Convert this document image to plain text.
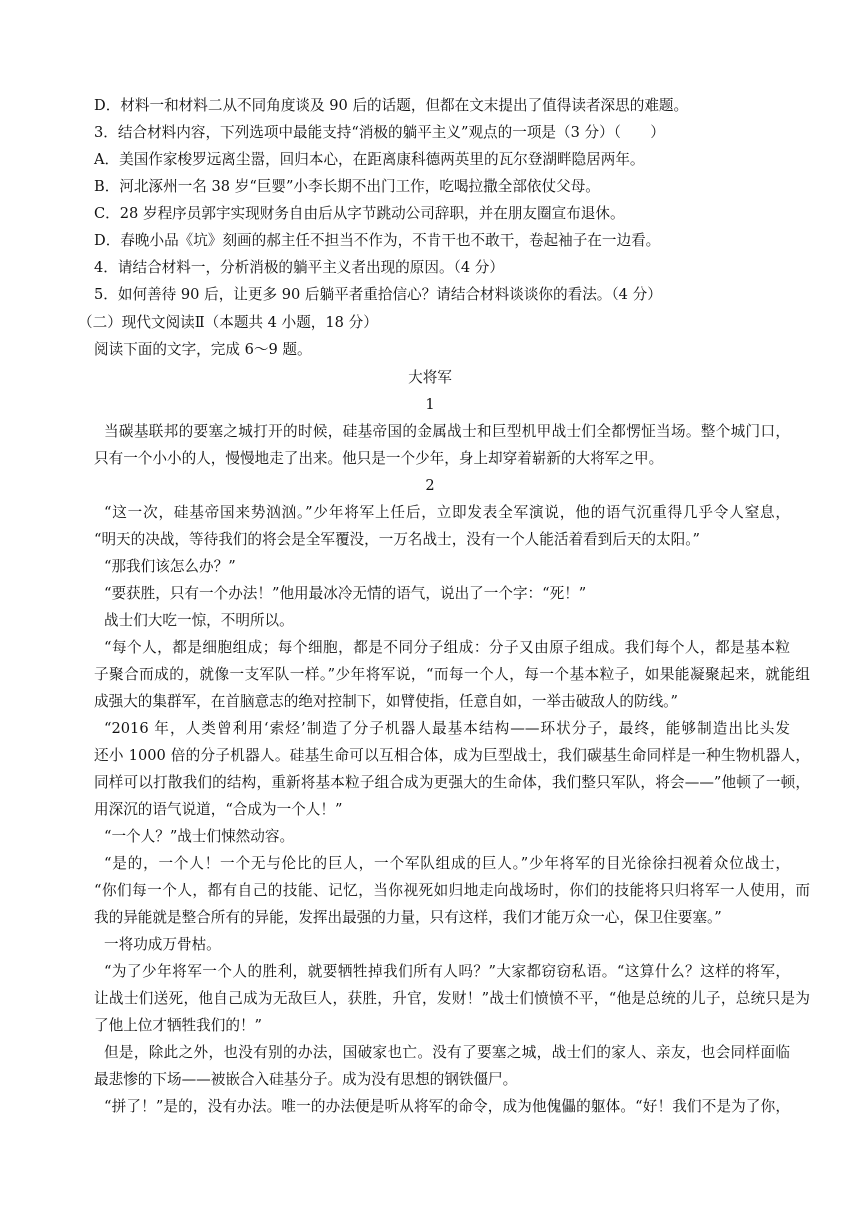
D．材料一和材料二从不同角度谈及 90 后的话题，但都在文末提出了值得读者深思的难题。
3．结合材料内容，下列选项中最能支持“消极的躺平主义”观点的一项是（3 分）（　　）
A．美国作家梭罗远离尘嚣，回归本心，在距离康科德两英里的瓦尔登湖畔隐居两年。
B．河北涿州一名 38 岁“巨婴”小李长期不出门工作，吃喝拉撒全部依仗父母。
C．28 岁程序员郭宇实现财务自由后从字节跳动公司辞职，并在朋友圈宣布退休。
D．春晚小品《坑》刻画的郝主任不担当不作为，不肯干也不敢干，卷起袖子在一边看。
4．请结合材料一，分析消极的躺平主义者出现的原因。（4 分）
5．如何善待 90 后，让更多 90 后躺平者重拾信心？请结合材料谈谈你的看法。（4 分）
（二）现代文阅读Ⅱ（本题共 4 小题，18 分）
阅读下面的文字，完成 6～9 题。
大将军
1
当碳基联邦的要塞之城打开的时候，硅基帝国的金属战士和巨型机甲战士们全都愣怔当场。整个城门口，
只有一个小小的人，慢慢地走了出来。他只是一个少年，身上却穿着崭新的大将军之甲。
2
“这一次，硅基帝国来势汹汹。”少年将军上任后，立即发表全军演说，他的语气沉重得几乎令人窒息，
“明天的决战，等待我们的将会是全军覆没，一万名战士，没有一个人能活着看到后天的太阳。”
“那我们该怎么办？”
“要获胜，只有一个办法！”他用最冰冷无情的语气，说出了一个字：“死！”
战士们大吃一惊，不明所以。
“每个人，都是细胞组成；每个细胞，都是不同分子组成：分子又由原子组成。我们每个人，都是基本粒
子聚合而成的，就像一支军队一样。”少年将军说，“而每一个人，每一个基本粒子，如果能凝聚起来，就能组
成强大的集群军，在首脑意志的绝对控制下，如臂使指，任意自如，一举击破敌人的防线。”
“2016 年，人类曾利用‘索烃’制造了分子机器人最基本结构——环状分子，最终，能够制造出比头发
还小 1000 倍的分子机器人。硅基生命可以互相合体，成为巨型战士，我们碳基生命同样是一种生物机器人，
同样可以打散我们的结构，重新将基本粒子组合成为更强大的生命体，我们整只军队，将会——”他顿了一顿，
用深沉的语气说道，“合成为一个人！”
“一个人？”战士们悚然动容。
“是的，一个人！一个无与伦比的巨人，一个军队组成的巨人。”少年将军的目光徐徐扫视着众位战士，
“你们每一个人，都有自己的技能、记忆，当你视死如归地走向战场时，你们的技能将只归将军一人使用，而
我的异能就是整合所有的异能，发挥出最强的力量，只有这样，我们才能万众一心，保卫住要塞。”
一将功成万骨枯。
“为了少年将军一个人的胜利，就要牺牲掉我们所有人吗？”大家都窃窃私语。“这算什么？这样的将军，
让战士们送死，他自己成为无敌巨人，获胜，升官，发财！”战士们愤愤不平，“他是总统的儿子，总统只是为
了他上位才牺牲我们的！”
但是，除此之外，也没有别的办法，国破家也亡。没有了要塞之城，战士们的家人、亲友，也会同样面临
最悲惨的下场——被嵌合入硅基分子。成为没有思想的钢铁僵尸。
“拼了！”是的，没有办法。唯一的办法便是听从将军的命令，成为他傀儡的躯体。“好！我们不是为了你，
